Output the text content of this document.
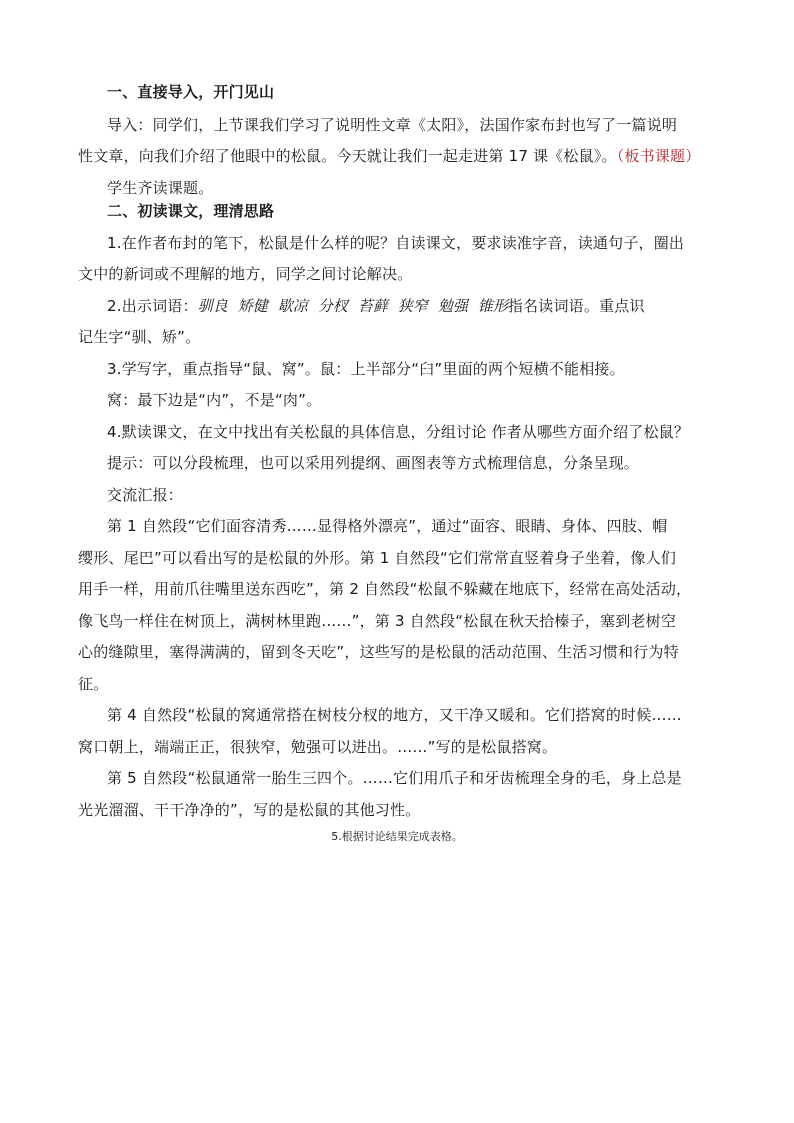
一、直接导入，开门见山
导入：同学们，上节课我们学习了说明性文章《太阳》，法国作家布封也写了一篇说明
性文章，向我们介绍了他眼中的松鼠。今天就让我们一起走进第 17 课《松鼠》。（板书课题）
学生齐读课题。
二、初读课文，理清思路
1.在作者布封的笔下，松鼠是什么样的呢？自读课文，要求读准字音，读通句子，圈出
文中的新词或不理解的地方，同学之间讨论解决。
2.出示词语：驯良 矫健 歇凉 分杈 苔藓 狭窄 勉强 锥形指名读词语。重点识
记生字“驯、矫”。
3.学写字，重点指导“鼠、窝”。鼠：上半部分“臼”里面的两个短横不能相接。
窝：最下边是“内”，不是“肉”。
4.默读课文，在文中找出有关松鼠的具体信息，分组讨论 作者从哪些方面介绍了松鼠？
提示：可以分段梳理，也可以采用列提纲、画图表等方式梳理信息，分条呈现。
交流汇报：
第 1 自然段“它们面容清秀……显得格外漂亮”，通过“面容、眼睛、身体、四肢、帽
缨形、尾巴”可以看出写的是松鼠的外形。第 1 自然段“它们常常直竖着身子坐着，像人们
用手一样，用前爪往嘴里送东西吃”，第 2 自然段“松鼠不躲藏在地底下，经常在高处活动，
像飞鸟一样住在树顶上，满树林里跑……”，第 3 自然段“松鼠在秋天拾榛子，塞到老树空
心的缝隙里，塞得满满的，留到冬天吃”，这些写的是松鼠的活动范围、生活习惯和行为特
征。
第 4 自然段“松鼠的窝通常搭在树枝分杈的地方，又干净又暖和。它们搭窝的时候……
窝口朝上，端端正正，很狭窄，勉强可以进出。……”写的是松鼠搭窝。
第 5 自然段“松鼠通常一胎生三四个。……它们用爪子和牙齿梳理全身的毛，身上总是
光光溜溜、干干净净的”，写的是松鼠的其他习性。
5.根据讨论结果完成表格。
